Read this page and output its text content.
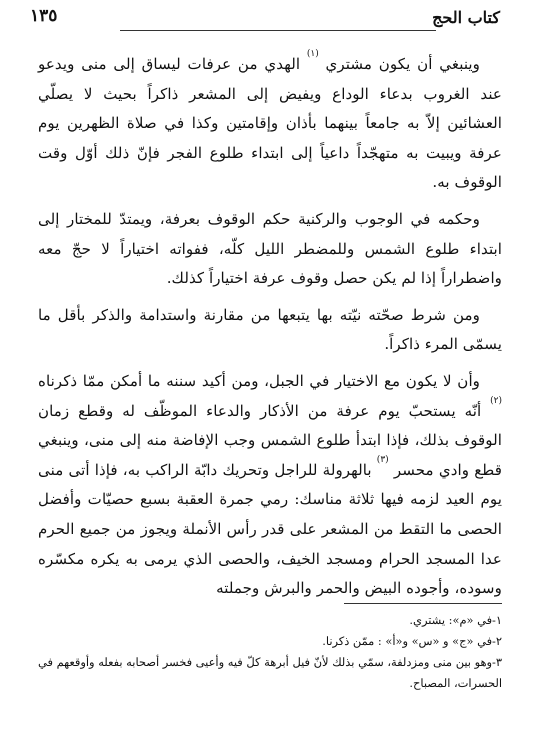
كتاب الحج
١٣٥

وينبغي أن يكون مشتري $^{(١)}$ الهدي من عرفات ليساق إلى منى ويدعو عند الغروب بدعاء الوداع ويفيض إلى المشعر ذاكراً بحيث لا يصلّي العشائين إلاّ به جامعاً بينهما بأذان وإقامتين وكذا في صلاة الظهرين يوم عرفة ويبيت به متهجّداً داعياً إلى ابتداء طلوع الفجر فإنّ ذلك أوّل وقت الوقوف به.

وحكمه في الوجوب والركنية حكم الوقوف بعرفة، ويمتدّ للمختار إلى ابتداء طلوع الشمس وللمضطر الليل كلّه، ففواته اختياراً لا حجّ معه واضطراراً إذا لم يكن حصل وقوف عرفة اختياراً كذلك.

ومن شرط صحّته نيّته بها يتبعها من مقارنة واستدامة والذكر بأقل ما يسمّى المرء ذاكراً.

وأن لا يكون مع الاختيار في الجبل، ومن أكيد سننه ما أمكن ممّا ذكرناه $^{(٢)}$ أنّه يستحبّ يوم عرفة من الأذكار والدعاء الموظّف له وقطع زمان الوقوف بذلك، فإذا ابتدأ طلوع الشمس وجب الإفاضة منه إلى منى، وينبغي قطع وادي محسر $^{(٣)}$ بالهرولة للراجل وتحريك دابّة الراكب به، فإذا أتى منى يوم العيد لزمه فيها ثلاثة مناسك: رمي جمرة العقبة بسبع حصيّات وأفضل الحصى ما التقط من المشعر على قدر رأس الأنملة ويجوز من جميع الحرم عدا المسجد الحرام ومسجد الخيف، والحصى الذي يرمى به يكره مكسّره وسوده، وأجوده البيض والحمر والبرش وجملته

١-في «م»: يشتري.

٢-في «ج» و «س» و«أ» : ممّن ذكرنا.

٣-وهو بين منى ومزدلفة، سمّي بذلك لأنّ فيل أبرهة كلّ فيه وأعيى فخسر أصحابه بفعله وأوقعهم في الحسرات، المصباح.
